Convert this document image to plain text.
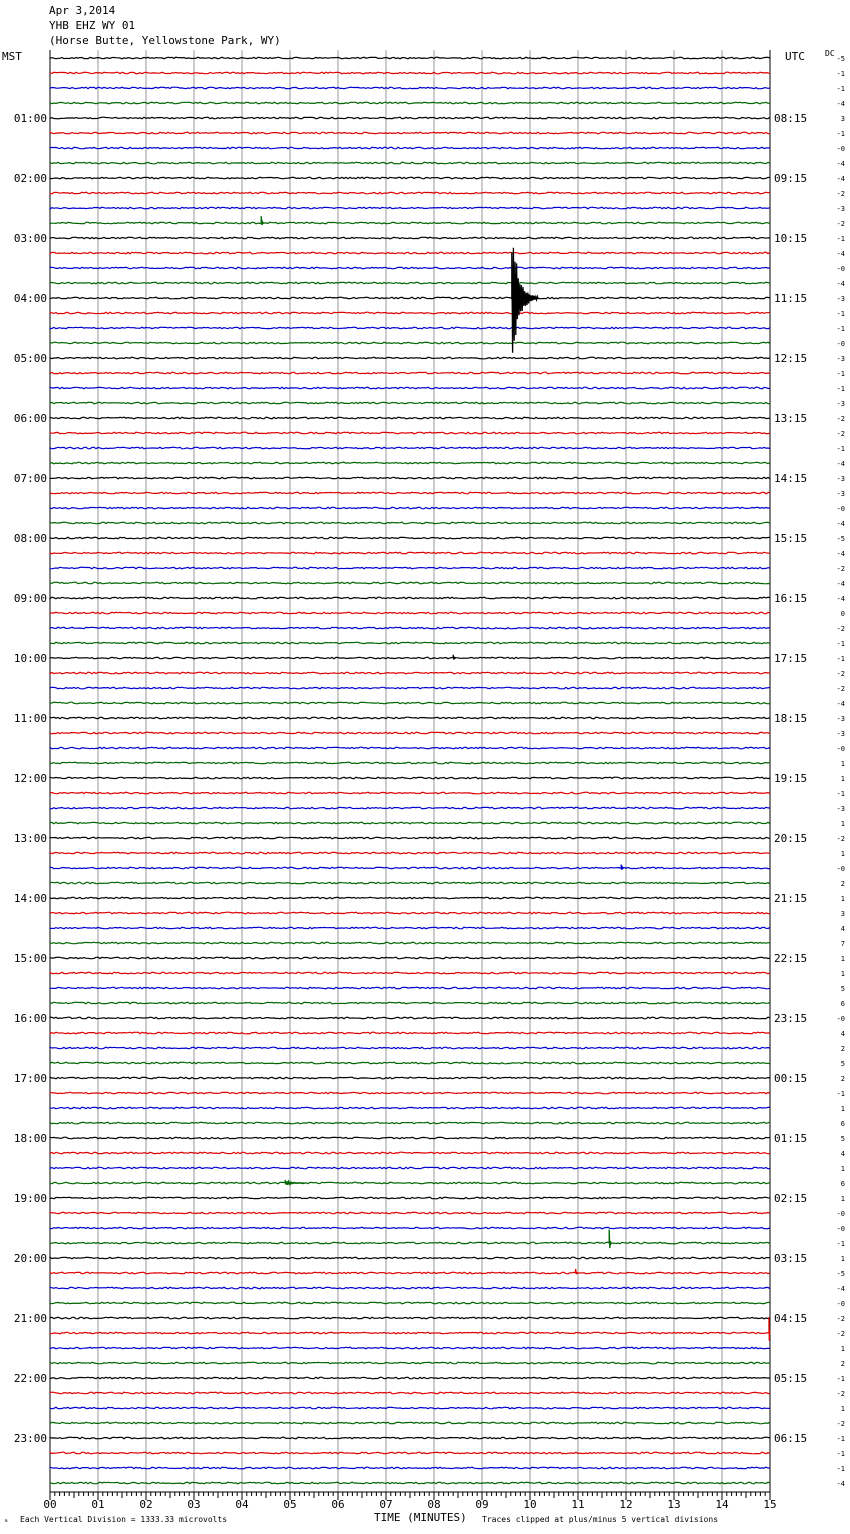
Apr 3,2014
YHB EHZ WY 01
(Horse Butte, Yellowstone Park, WY)
MST	UTC	DC
-5
-1
-1
-4
3
-1
-0
-4
-4
-2
-3
-2
-1
-4
-0
-4
-3
-1
-1
-0
-3
-1
-1
-3
-2
-2
-1
-4
-3
-3
-0
-4
-5
-4
-2
-4
-4
0
-2
-1
-1
-2
-2
-4
-3
-3
-0
1
1
-1
-3
1
-2
1
-0
2
1
3
4
7
1
1
5
6
-0
4
2
5
2
-1
1
6
5
4
1
6
1
-0
-0
-1
1
-5
-4
-0
-2
-2
1
2
-1
-2
1
-2
-1
-1
-1
-4
01:00
02:00
03:00
04:00
05:00
06:00
07:00
08:00
09:00
10:00
11:00
12:00
13:00
14:00
15:00
16:00
17:00
18:00
19:00
20:00
21:00
22:00
23:00
08:15
09:15
10:15
11:15
12:15
13:15
14:15
15:15
16:15
17:15
18:15
19:15
20:15
21:15
22:15
23:15
00:15
01:15
02:15
03:15
04:15
05:15
06:15
00	01	02	03	04	05	06	07	08	09	10	11	12	13	14	15
ₘ Each Vertical Division = 1333.33 microvolts	TIME (MINUTES) Traces clipped at plus/minus 5 vertical divisions
